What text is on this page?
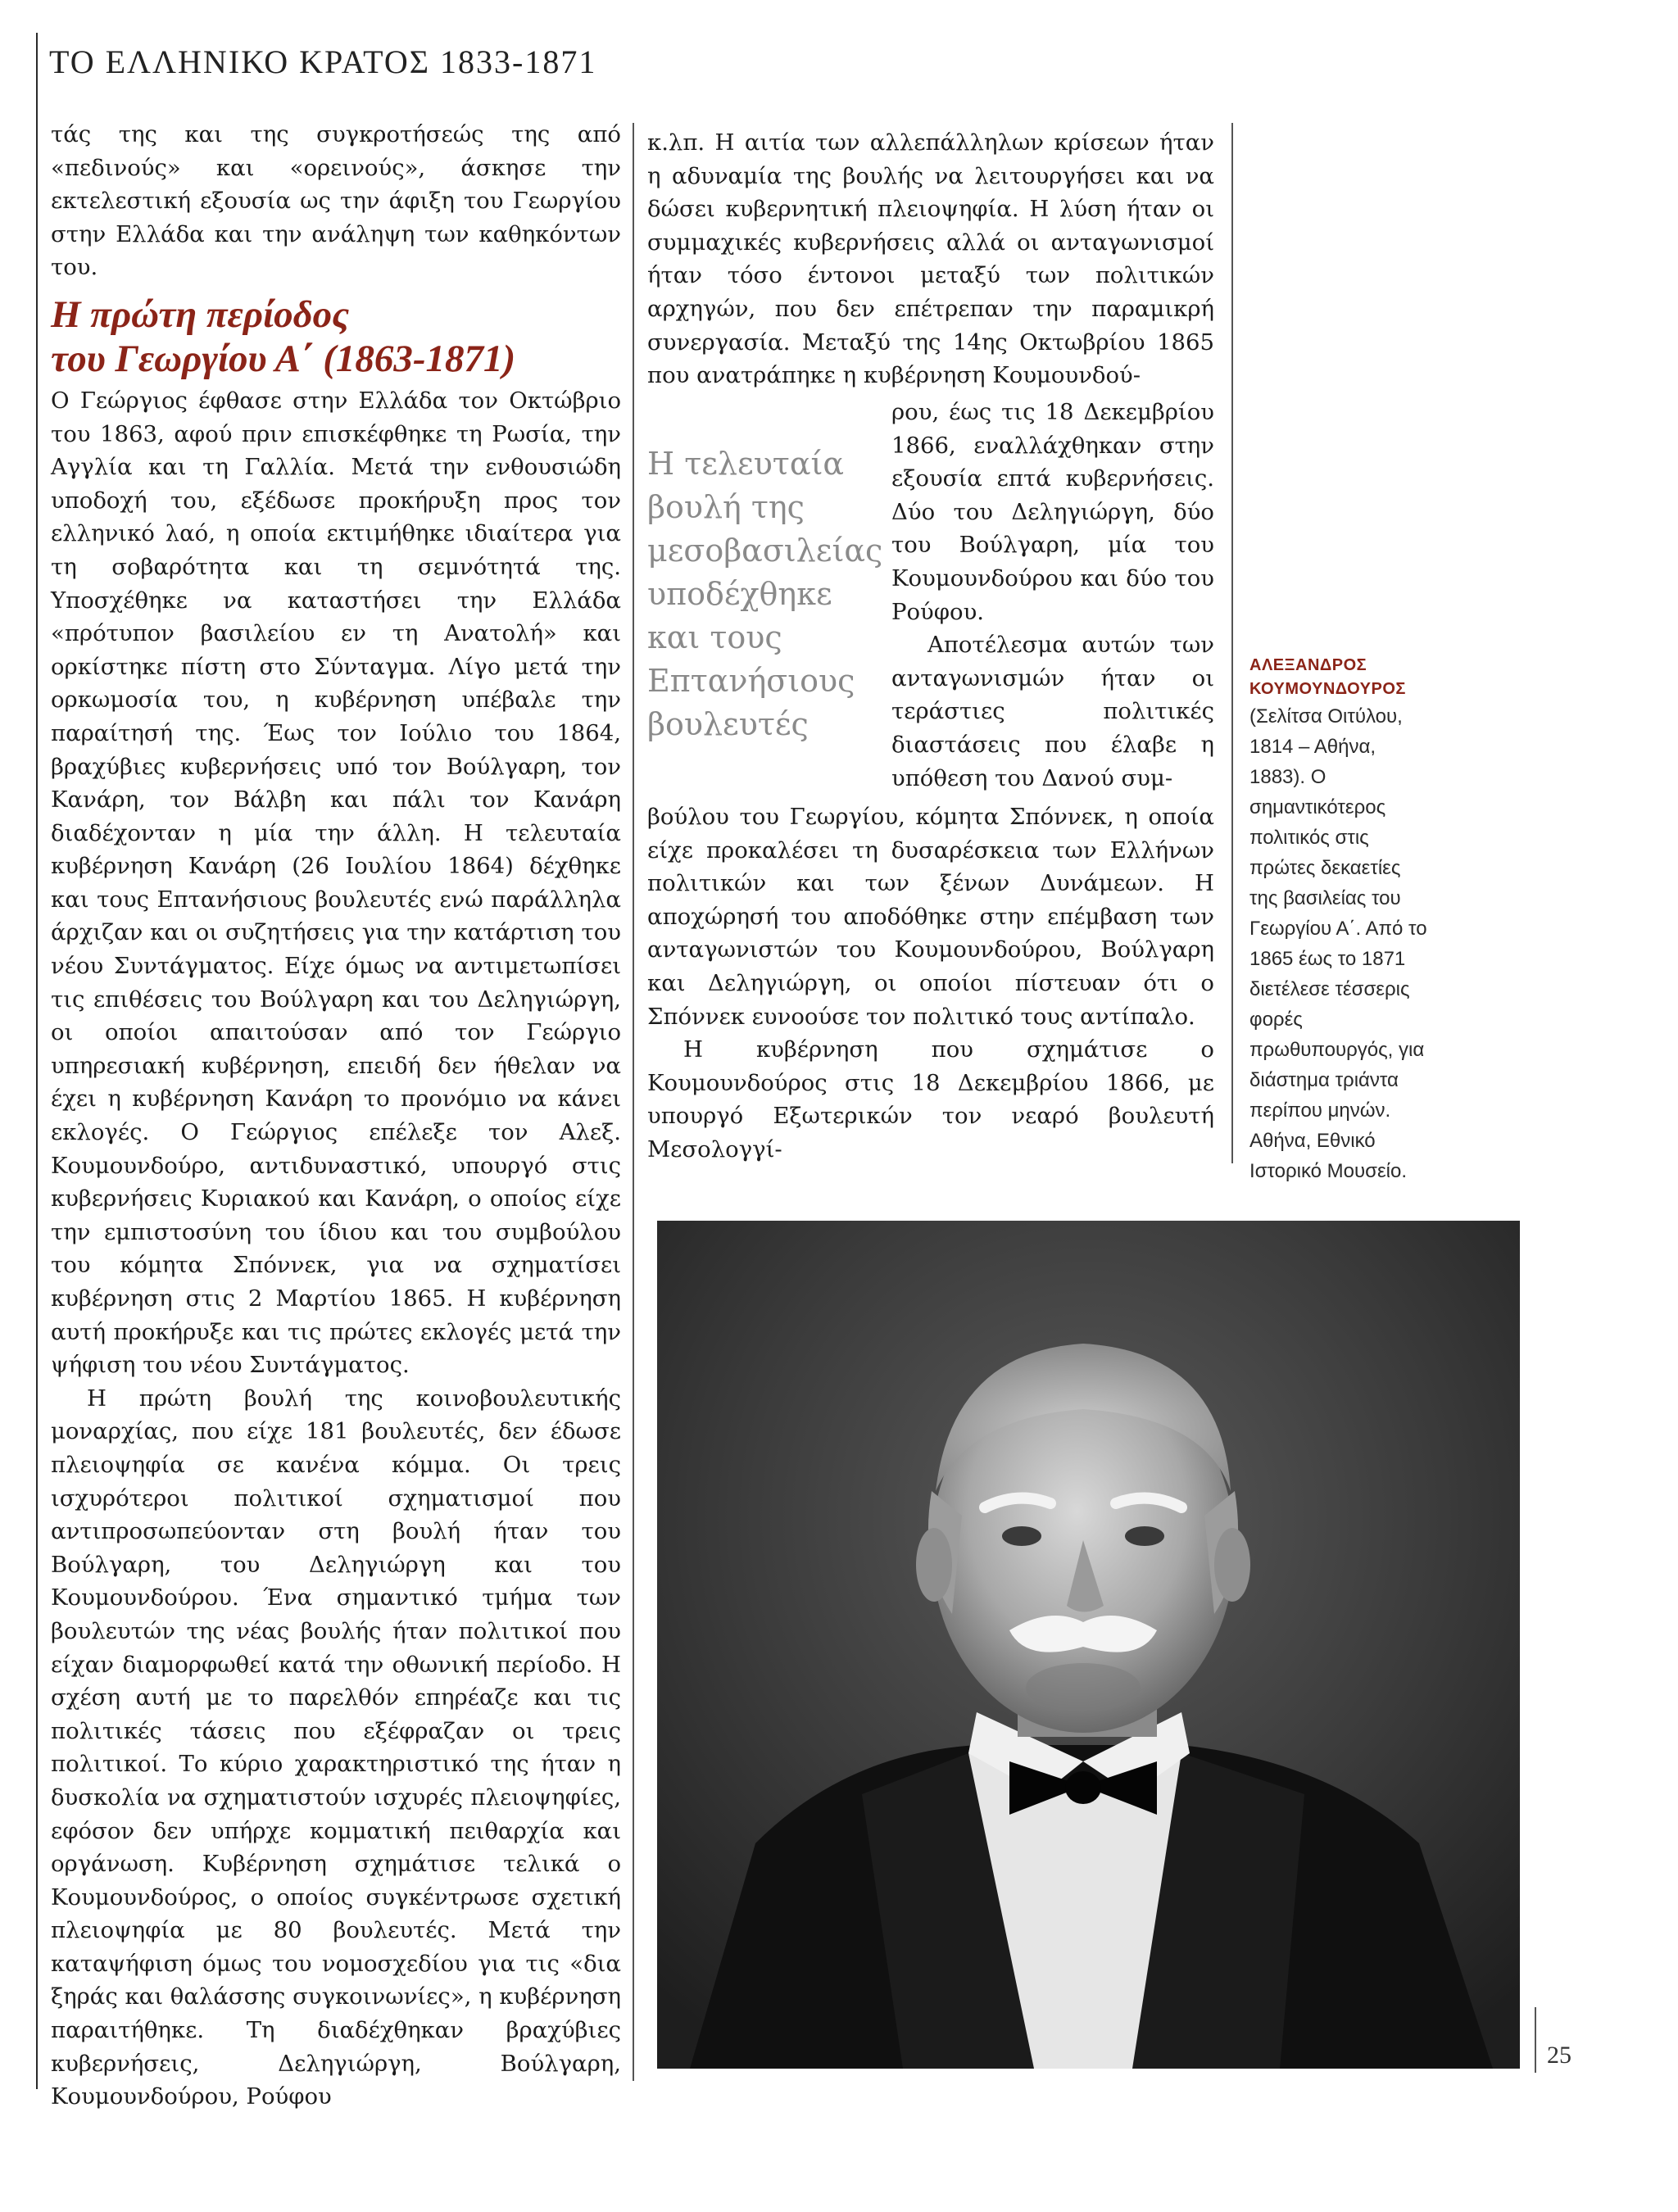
ΤΟ ΕΛΛΗΝΙΚΟ ΚΡΑΤΟΣ 1833-1871

τάς της και της συγκροτήσεώς της από «πεδινούς» και «ορεινούς», άσκησε την εκτελεστική εξουσία ως την άφιξη του Γεωργίου στην Ελλάδα και την ανάληψη των καθηκόντων του.

Η πρώτη περίοδος
του Γεωργίου Α΄ (1863-1871)

Ο Γεώργιος έφθασε στην Ελλάδα τον Οκτώβριο του 1863, αφού πριν επισκέφθηκε τη Ρωσία, την Αγγλία και τη Γαλλία. Μετά την ενθουσιώδη υποδοχή του, εξέδωσε προκήρυξη προς τον ελληνικό λαό, η οποία εκτιμήθηκε ιδιαίτερα για τη σοβαρότητα και τη σεμνότητά της. Υποσχέθηκε να καταστήσει την Ελλάδα «πρότυπον βασιλείου εν τη Ανατολή» και ορκίστηκε πίστη στο Σύνταγμα. Λίγο μετά την ορκωμοσία του, η κυβέρνηση υπέβαλε την παραίτησή της. Έως τον Ιούλιο του 1864, βραχύβιες κυβερνήσεις υπό τον Βούλγαρη, τον Κανάρη, τον Βάλβη και πάλι τον Κανάρη διαδέχονταν η μία την άλλη. Η τελευταία κυβέρνηση Κανάρη (26 Ιουλίου 1864) δέχθηκε και τους Επτανήσιους βουλευτές ενώ παράλληλα άρχιζαν και οι συζητήσεις για την κατάρτιση του νέου Συντάγματος. Είχε όμως να αντιμετωπίσει τις επιθέσεις του Βούλγαρη και του Δεληγιώργη, οι οποίοι απαιτούσαν από τον Γεώργιο υπηρεσιακή κυβέρνηση, επειδή δεν ήθελαν να έχει η κυβέρνηση Κανάρη το προνόμιο να κάνει εκλογές. Ο Γεώργιος επέλεξε τον Αλεξ. Κουμουνδούρο, αντιδυναστικό, υπουργό στις κυβερνήσεις Κυριακού και Κανάρη, ο οποίος είχε την εμπιστοσύνη του ίδιου και του συμβούλου του κόμητα Σπόννεκ, για να σχηματίσει κυβέρνηση στις 2 Μαρτίου 1865. Η κυβέρνηση αυτή προκήρυξε και τις πρώτες εκλογές μετά την ψήφιση του νέου Συντάγματος.

Η πρώτη βουλή της κοινοβουλευτικής μοναρχίας, που είχε 181 βουλευτές, δεν έδωσε πλειοψηφία σε κανένα κόμμα. Οι τρεις ισχυρότεροι πολιτικοί σχηματισμοί που αντιπροσωπεύονταν στη βουλή ήταν του Βούλγαρη, του Δεληγιώργη και του Κουμουνδούρου. Ένα σημαντικό τμήμα των βουλευτών της νέας βουλής ήταν πολιτικοί που είχαν διαμορφωθεί κατά την οθωνική περίοδο. Η σχέση αυτή με το παρελθόν επηρέαζε και τις πολιτικές τάσεις που εξέφραζαν οι τρεις πολιτικοί. Το κύριο χαρακτηριστικό της ήταν η δυσκολία να σχηματιστούν ισχυρές πλειοψηφίες, εφόσον δεν υπήρχε κομματική πειθαρχία και οργάνωση. Κυβέρνηση σχημάτισε τελικά ο Κουμουνδούρος, ο οποίος συγκέντρωσε σχετική πλειοψηφία με 80 βουλευτές. Μετά την καταψήφιση όμως του νομοσχεδίου για τις «δια ξηράς και θαλάσσης συγκοινωνίες», η κυβέρνηση παραιτήθηκε. Τη διαδέχθηκαν βραχύβιες κυβερνήσεις, Δεληγιώργη, Βούλγαρη, Κουμουνδούρου, Ρούφου

κ.λπ. Η αιτία των αλλεπάλληλων κρίσεων ήταν η αδυναμία της βουλής να λειτουργήσει και να δώσει κυβερνητική πλειοψηφία. Η λύση ήταν οι συμμαχικές κυβερνήσεις αλλά οι ανταγωνισμοί ήταν τόσο έντονοι μεταξύ των πολιτικών αρχηγών, που δεν επέτρεπαν την παραμικρή συνεργασία. Μεταξύ της 14ης Οκτωβρίου 1865 που ανατράπηκε η κυβέρνηση Κουμουνδού-

Η τελευταία βουλή της μεσοβασιλείας υποδέχθηκε και τους Επτανήσιους βουλευτές

ρου, έως τις 18 Δεκεμβρίου 1866, εναλλάχθηκαν στην εξουσία επτά κυβερνήσεις. Δύο του Δεληγιώργη, δύο του Βούλγαρη, μία του Κουμουνδούρου και δύο του Ρούφου.

Αποτέλεσμα αυτών των ανταγωνισμών ήταν οι τεράστιες πολιτικές διαστάσεις που έλαβε η υπόθεση του Δανού συμ-

βούλου του Γεωργίου, κόμητα Σπόννεκ, η οποία είχε προκαλέσει τη δυσαρέσκεια των Ελλήνων πολιτικών και των ξένων Δυνάμεων. Η αποχώρησή του αποδόθηκε στην επέμβαση των ανταγωνιστών του Κουμουνδούρου, Βούλγαρη και Δεληγιώργη, οι οποίοι πίστευαν ότι ο Σπόννεκ ευνοούσε τον πολιτικό τους αντίπαλο.

Η κυβέρνηση που σχημάτισε ο Κουμουνδούρος στις 18 Δεκεμβρίου 1866, με υπουργό Εξωτερικών τον νεαρό βουλευτή Μεσολογγί-

ΑΛΕΞΑΝΔΡΟΣ
ΚΟΥΜΟΥΝΔΟΥΡΟΣ
(Σελίτσα Οιτύλου, 1814 – Αθήνα, 1883). Ο σημαντικότερος πολιτικός στις πρώτες δεκαετίες της βασιλείας του Γεωργίου Α΄. Από το 1865 έως το 1871 διετέλεσε τέσσερις φορές πρωθυπουργός, για διάστημα τριάντα περίπου μηνών. Αθήνα, Εθνικό Ιστορικό Μουσείο.
25
